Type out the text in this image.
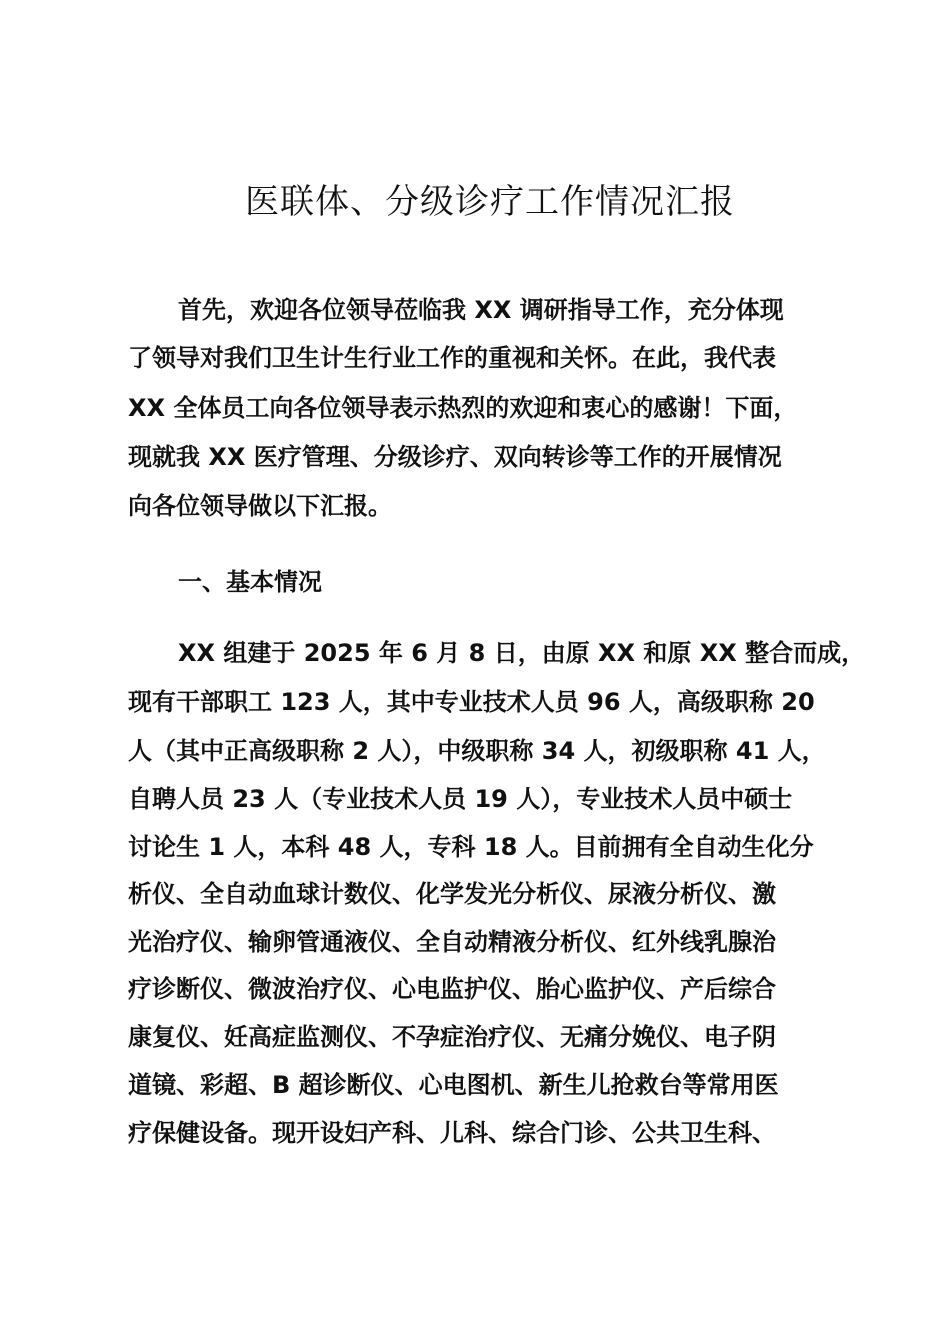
医联体、分级诊疗工作情况汇报

首先，欢迎各位领导莅临我 XX 调研指导工作，充分体现

了领导对我们卫生计生行业工作的重视和关怀。在此，我代表

XX 全体员工向各位领导表示热烈的欢迎和衷心的感谢！下面，

现就我 XX 医疗管理、分级诊疗、双向转诊等工作的开展情况

向各位领导做以下汇报。

一、基本情况

XX 组建于 2025 年 6 月 8 日，由原 XX 和原 XX 整合而成，

现有干部职工 123 人，其中专业技术人员 96 人，高级职称 20

人（其中正高级职称 2 人），中级职称 34 人，初级职称 41 人，

自聘人员 23 人（专业技术人员 19 人），专业技术人员中硕士

讨论生 1 人，本科 48 人，专科 18 人。目前拥有全自动生化分

析仪、全自动血球计数仪、化学发光分析仪、尿液分析仪、激

光治疗仪、输卵管通液仪、全自动精液分析仪、红外线乳腺治

疗诊断仪、微波治疗仪、心电监护仪、胎心监护仪、产后综合

康复仪、妊高症监测仪、不孕症治疗仪、无痛分娩仪、电子阴

道镜、彩超、B 超诊断仪、心电图机、新生儿抢救台等常用医

疗保健设备。现开设妇产科、儿科、综合门诊、公共卫生科、
